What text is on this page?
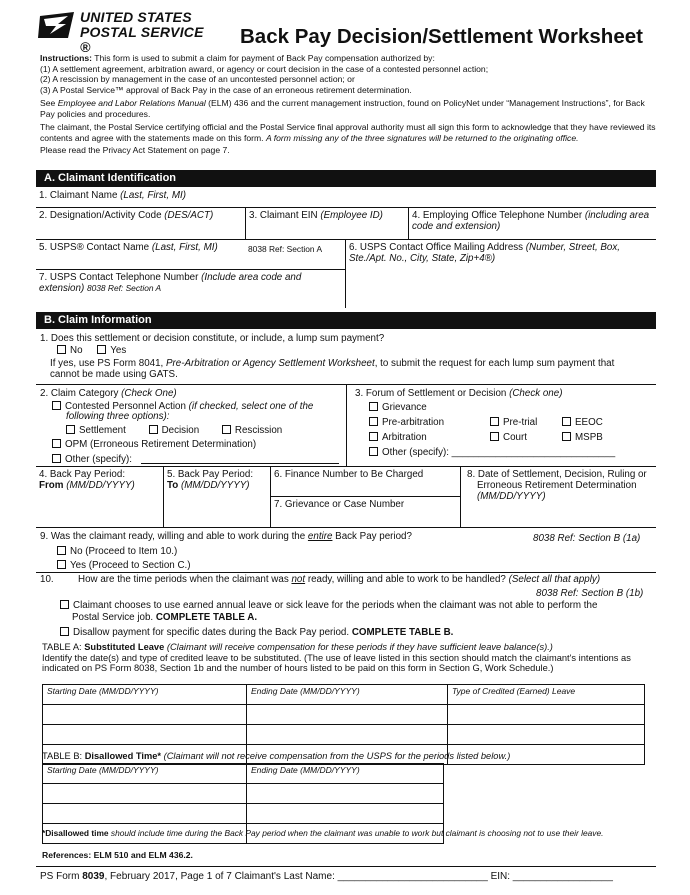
UNITED STATES
POSTAL SERVICE ®	Back Pay Decision/Settlement Worksheet
Instructions: This form is used to submit a claim for payment of Back Pay compensation authorized by:
(1) A settlement agreement, arbitration award, or agency or court decision in the case of a contested personnel action;
(2) A rescission by management in the case of an uncontested personnel action; or
(3) A Postal Service™ approval of Back Pay in the case of an erroneous retirement determination.
See Employee and Labor Relations Manual (ELM) 436 and the current management instruction, found on PolicyNet under “Management Instructions”, for Back Pay policies and procedures.
The claimant, the Postal Service certifying official and the Postal Service final approval authority must all sign this form to acknowledge that they have reviewed its contents and agree with the statements made on this form. A form missing any of the three signatures will be returned to the originating office.
Please read the Privacy Act Statement on page 7.
A. Claimant Identification
1. Claimant Name (Last, First, MI)
2. Designation/Activity Code (DES/ACT)	3. Claimant EIN (Employee ID)	4. Employing Office Telephone Number (including area code and extension)
5. USPS® Contact Name (Last, First, MI)	8038 Ref: Section A	6. USPS Contact Office Mailing Address (Number, Street, Box, Ste./Apt. No., City, State, Zip+4®)
7. USPS Contact Telephone Number (Include area code and extension) 8038 Ref: Section A
B. Claim Information
1. Does this settlement or decision constitute, or include, a lump sum payment?
No	Yes
If yes, use PS Form 8041, Pre-Arbitration or Agency Settlement Worksheet, to submit the request for each lump sum payment that
cannot be made using GATS.
2. Claim Category (Check One)
Contested Personnel Action (if checked, select one of the
following three options):
Settlement	Decision	Rescission
OPM (Erroneous Retirement Determination)
Other (specify):
3. Forum of Settlement or Decision (Check one)
Grievance
Pre-arbitration	Pre-trial	EEOC
Arbitration	Court	MSPB
Other (specify): ______________________________
4. Back Pay Period:
From (MM/DD/YYYY)
5. Back Pay Period:
To (MM/DD/YYYY)
6. Finance Number to Be Charged
7. Grievance or Case Number
8. Date of Settlement, Decision, Ruling or Erroneous Retirement Determination (MM/DD/YYYY)
9. Was the claimant ready, willing and able to work during the entire Back Pay period?	8038 Ref: Section B (1a)
No (Proceed to Item 10.)
Yes (Proceed to Section C.)
10. How are the time periods when the claimant was not ready, willing and able to work to be handled? (Select all that apply)
8038 Ref: Section B (1b)
Claimant chooses to use earned annual leave or sick leave for the periods when the claimant was not able to perform the
Postal Service job. COMPLETE TABLE A.
Disallow payment for specific dates during the Back Pay period. COMPLETE TABLE B.
TABLE A: Substituted Leave (Claimant will receive compensation for these periods if they have sufficient leave balance(s).)
Identify the date(s) and type of credited leave to be substituted. (The use of leave listed in this section should match the claimant's intentions as indicated on PS Form 8038, Section 1b and the number of hours listed to be paid on this form in Section G, Work Schedule.)
Starting Date (MM/DD/YYYY)	Ending Date (MM/DD/YYYY)	Type of Credited (Earned) Leave

TABLE B: Disallowed Time* (Claimant will not receive compensation from the USPS for the periods listed below.)
Starting Date (MM/DD/YYYY)	Ending Date (MM/DD/YYYY)

*Disallowed time should include time during the Back Pay period when the claimant was unable to work but claimant is choosing not to use their leave.
References: ELM 510 and ELM 436.2.
PS Form 8039, February 2017, Page 1 of 7 Claimant's Last Name: ___________________________ EIN: __________________
